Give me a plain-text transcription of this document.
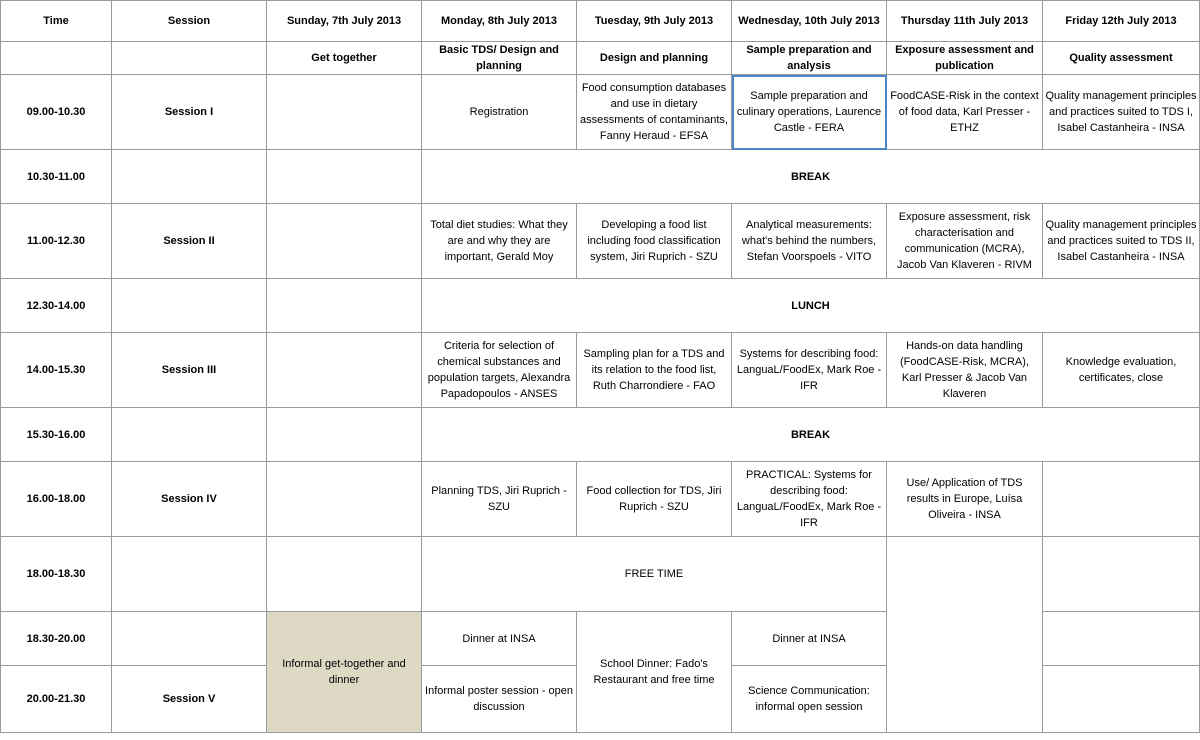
Time	Session	Sunday, 7th July 2013	Monday, 8th July 2013	Tuesday, 9th July 2013	Wednesday, 10th July 2013	Thursday 11th July 2013	Friday 12th July 2013
		Get together	Basic TDS/ Design and planning	Design and planning	Sample preparation and analysis	Exposure assessment and publication	Quality assessment
09.00-10.30	Session I		Registration	Food consumption databases and use in dietary assessments of contaminants, Fanny Heraud - EFSA	Sample preparation and culinary operations, Laurence Castle - FERA	FoodCASE-Risk in the context of food data, Karl Presser - ETHZ	Quality management principles and practices suited to TDS I, Isabel Castanheira - INSA
10.30-11.00			BREAK				
11.00-12.30	Session II		Total diet studies: What they are and why they are important, Gerald Moy	Developing a food list including food classification system, Jiri Ruprich - SZU	Analytical measurements: what's behind the numbers, Stefan Voorspoels - VITO	Exposure assessment, risk characterisation and communication (MCRA), Jacob Van Klaveren - RIVM	Quality management principles and practices suited to TDS II, Isabel Castanheira - INSA
12.30-14.00			LUNCH				
14.00-15.30	Session III		Criteria for selection of chemical substances and population targets, Alexandra Papadopoulos - ANSES	Sampling plan for a TDS and its relation to the food list, Ruth Charrondiere - FAO	Systems for describing food: LanguaL/FoodEx, Mark Roe - IFR	Hands-on data handling (FoodCASE-Risk, MCRA), Karl Presser & Jacob Van Klaveren	Knowledge evaluation, certificates, close
15.30-16.00			BREAK				
16.00-18.00	Session IV		Planning TDS, Jiri Ruprich - SZU	Food collection for TDS, Jiri Ruprich - SZU	PRACTICAL: Systems for describing food: LanguaL/FoodEx, Mark Roe - IFR	Use/ Application of TDS results in Europe, Luísa Oliveira - INSA	
18.00-18.30			FREE TIME				
18.30-20.00		Informal get-together and dinner	Dinner at INSA	School Dinner: Fado's Restaurant and free time	Dinner at INSA		
20.00-21.30	Session V		Informal poster session - open discussion		Science Communication: informal open session		
